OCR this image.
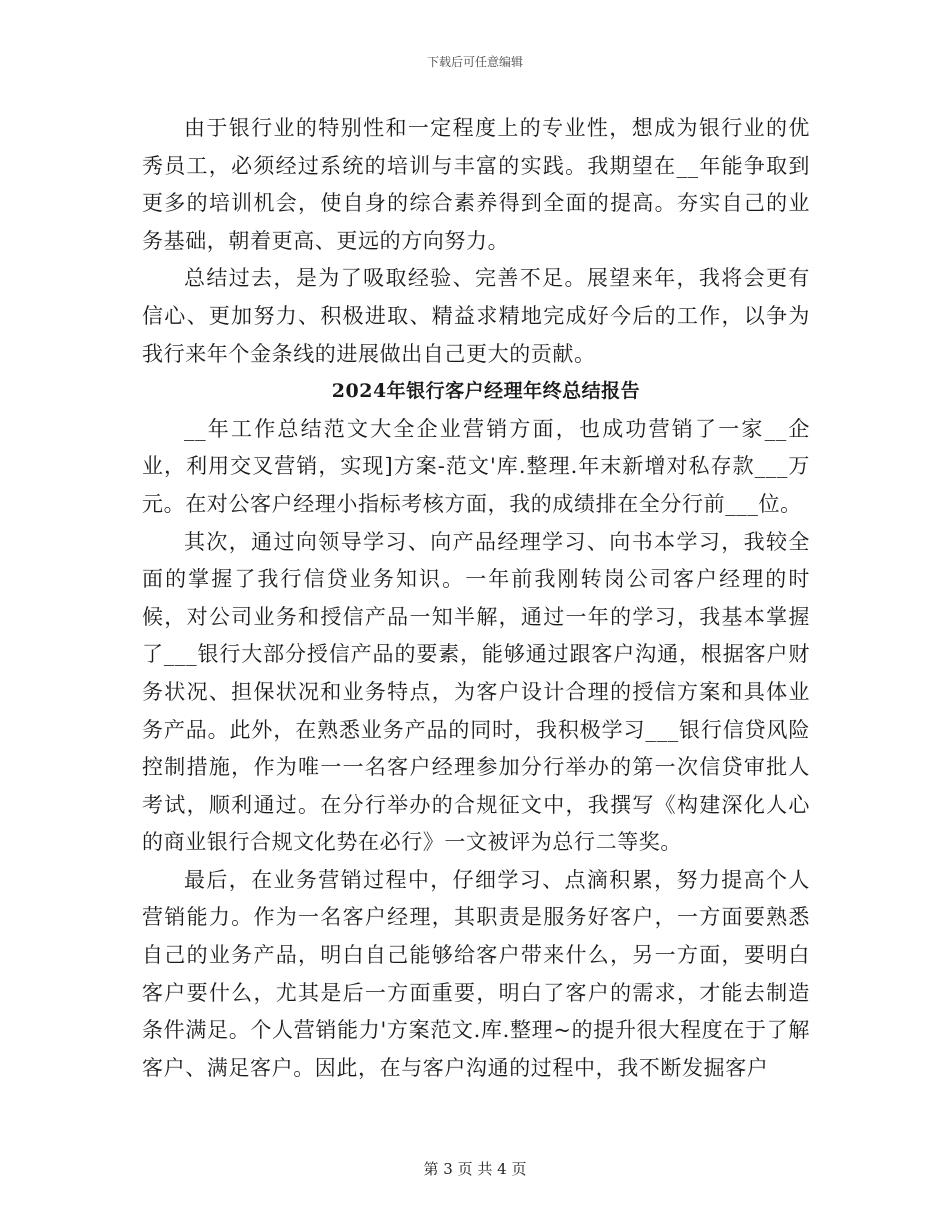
下载后可任意编辑

由于银行业的特别性和一定程度上的专业性，想成为银行业的优秀员工，必须经过系统的培训与丰富的实践。我期望在__年能争取到更多的培训机会，使自身的综合素养得到全面的提高。夯实自己的业务基础，朝着更高、更远的方向努力。

总结过去，是为了吸取经验、完善不足。展望来年，我将会更有信心、更加努力、积极进取、精益求精地完成好今后的工作，以争为我行来年个金条线的进展做出自己更大的贡献。

2024年银行客户经理年终总结报告

__年工作总结范文大全企业营销方面，也成功营销了一家__企业，利用交叉营销，实现]方案-范文'库.整理.年末新增对私存款___万元。在对公客户经理小指标考核方面，我的成绩排在全分行前___位。

其次，通过向领导学习、向产品经理学习、向书本学习，我较全面的掌握了我行信贷业务知识。一年前我刚转岗公司客户经理的时候，对公司业务和授信产品一知半解，通过一年的学习，我基本掌握了___银行大部分授信产品的要素，能够通过跟客户沟通，根据客户财务状况、担保状况和业务特点，为客户设计合理的授信方案和具体业务产品。此外，在熟悉业务产品的同时，我积极学习___银行信贷风险控制措施，作为唯一一名客户经理参加分行举办的第一次信贷审批人考试，顺利通过。在分行举办的合规征文中，我撰写《构建深化人心的商业银行合规文化势在必行》一文被评为总行二等奖。

最后，在业务营销过程中，仔细学习、点滴积累，努力提高个人营销能力。作为一名客户经理，其职责是服务好客户，一方面要熟悉自己的业务产品，明白自己能够给客户带来什么，另一方面，要明白客户要什么，尤其是后一方面重要，明白了客户的需求，才能去制造条件满足。个人营销能力'方案范文.库.整理~的提升很大程度在于了解客户、满足客户。因此，在与客户沟通的过程中，我不断发掘客户

第 3 页 共 4 页
